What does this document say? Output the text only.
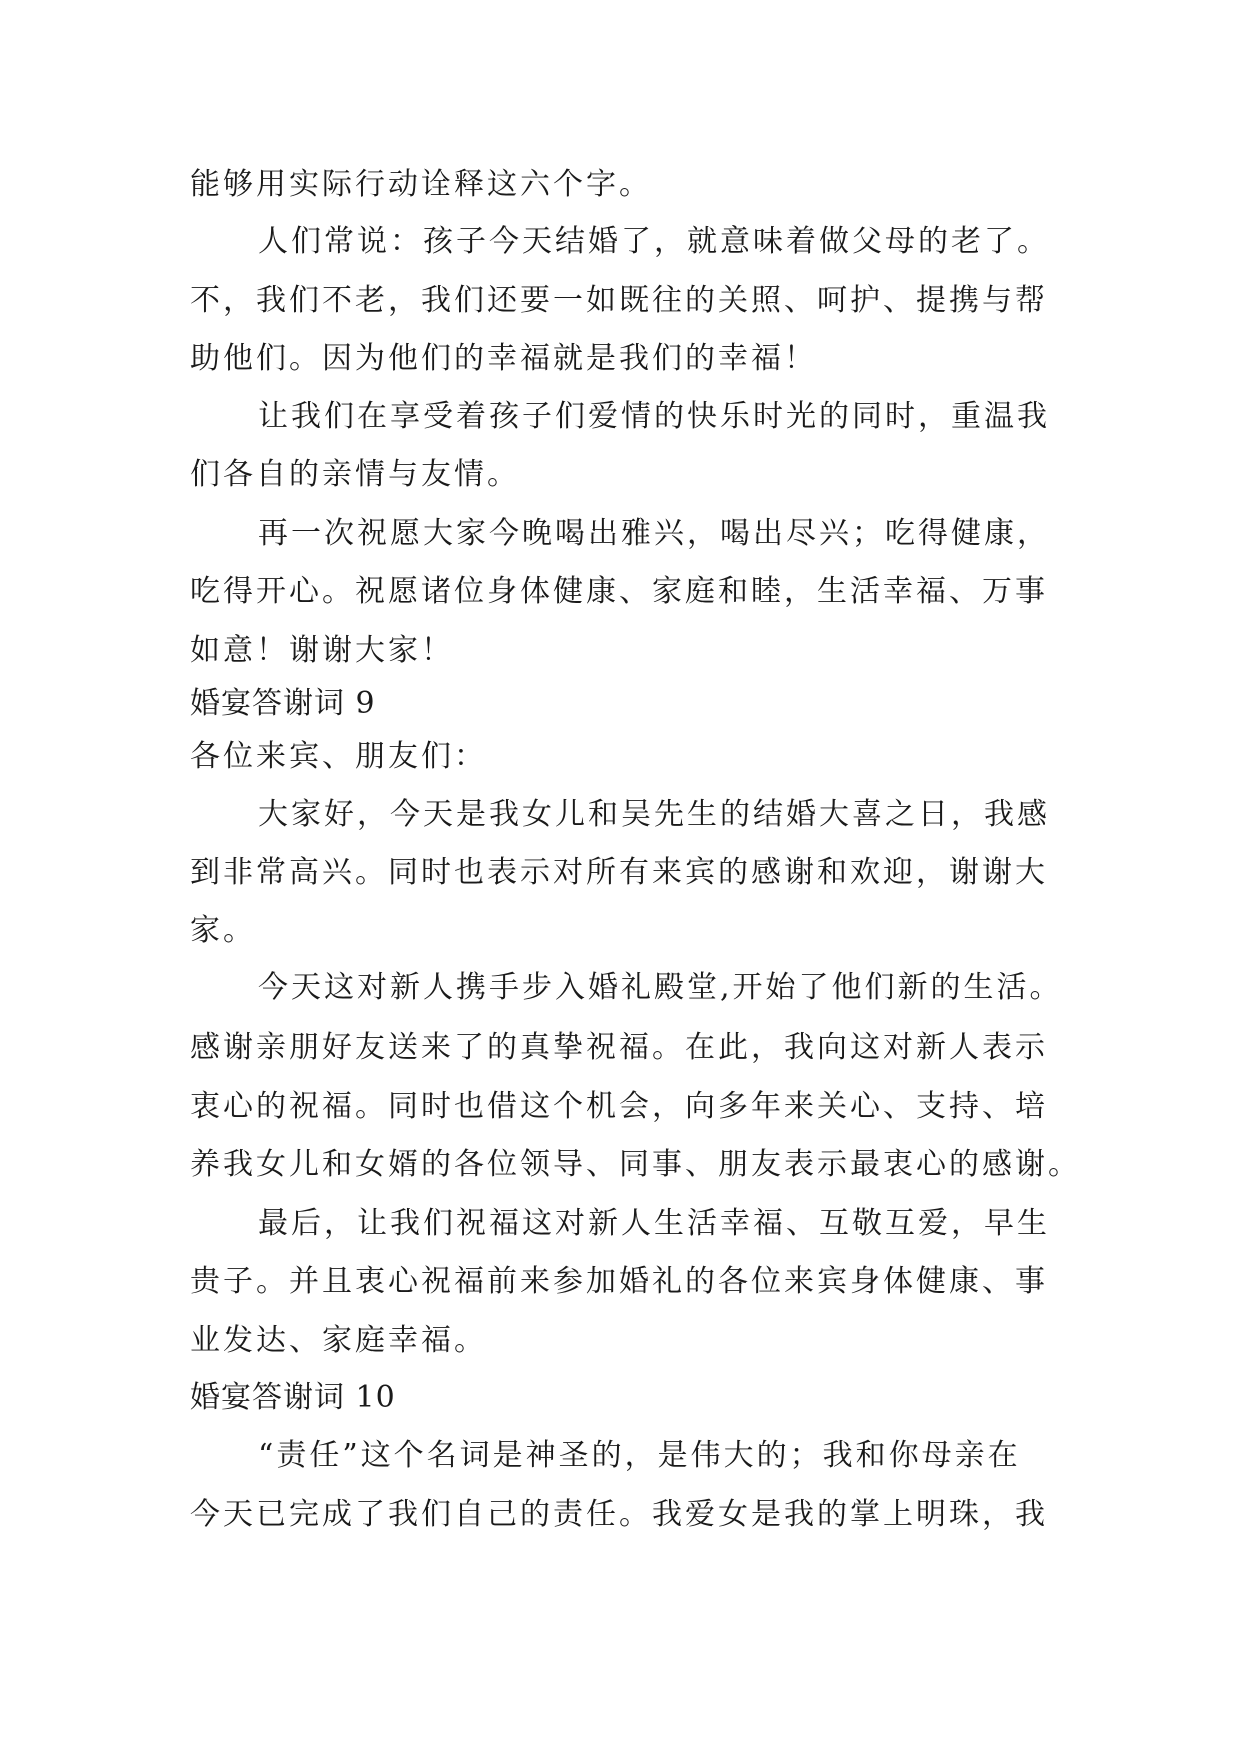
能够用实际行动诠释这六个字。
人们常说：孩子今天结婚了，就意味着做父母的老了。
不，我们不老，我们还要一如既往的关照、呵护、提携与帮
助他们。因为他们的幸福就是我们的幸福！
让我们在享受着孩子们爱情的快乐时光的同时，重温我
们各自的亲情与友情。
再一次祝愿大家今晚喝出雅兴，喝出尽兴；吃得健康，
吃得开心。祝愿诸位身体健康、家庭和睦，生活幸福、万事
如意！谢谢大家！
婚宴答谢词 9
各位来宾、朋友们：
大家好，今天是我女儿和吴先生的结婚大喜之日，我感
到非常高兴。同时也表示对所有来宾的感谢和欢迎，谢谢大
家。
今天这对新人携手步入婚礼殿堂,开始了他们新的生活。
感谢亲朋好友送来了的真挚祝福。在此，我向这对新人表示
衷心的祝福。同时也借这个机会，向多年来关心、支持、培
养我女儿和女婿的各位领导、同事、朋友表示最衷心的感谢。
最后，让我们祝福这对新人生活幸福、互敬互爱，早生
贵子。并且衷心祝福前来参加婚礼的各位来宾身体健康、事
业发达、家庭幸福。
婚宴答谢词 10
“责任”这个名词是神圣的，是伟大的；我和你母亲在
今天已完成了我们自己的责任。我爱女是我的掌上明珠，我
